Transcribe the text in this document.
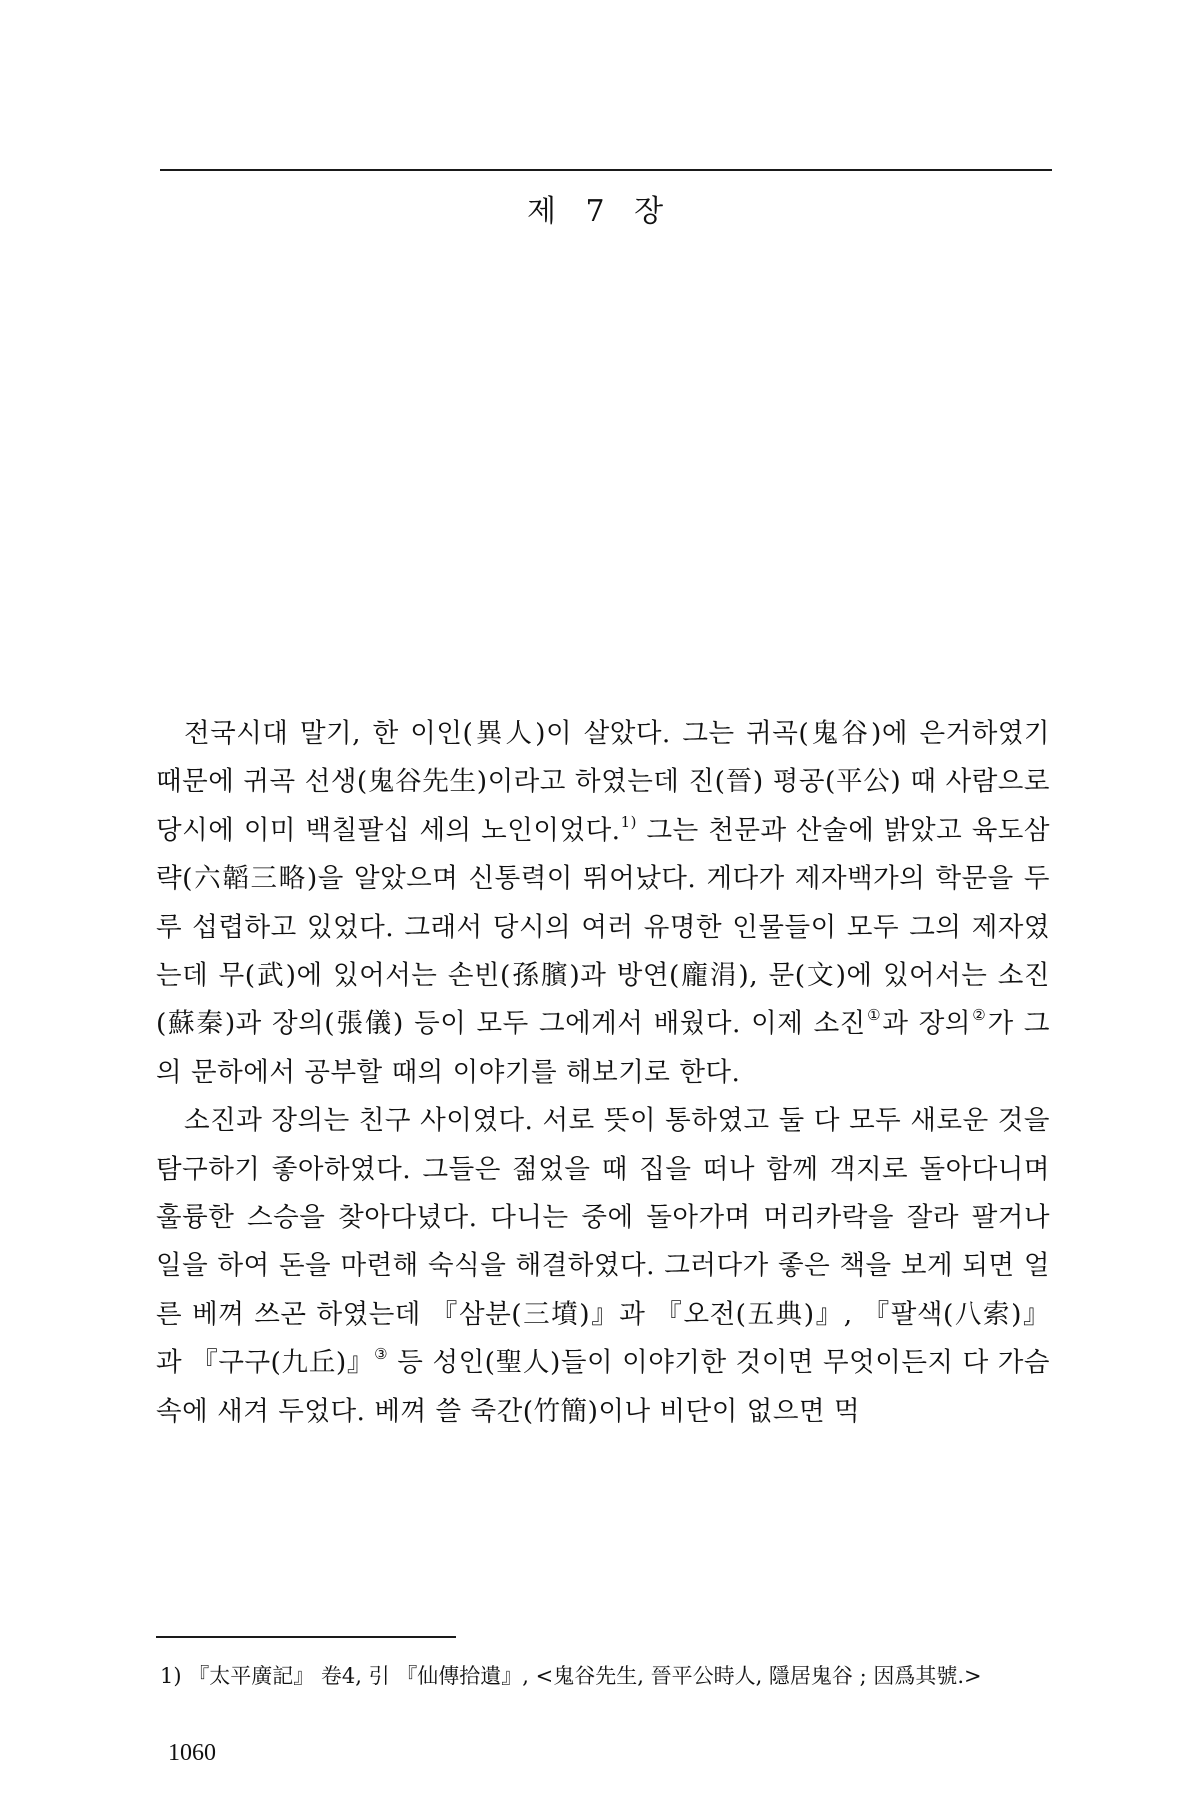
제 7 장

전국시대 말기, 한 이인(異人)이 살았다. 그는 귀곡(鬼谷)에 은거하였기 때문에 귀곡 선생(鬼谷先生)이라고 하였는데 진(晉) 평공(平公) 때 사람으로 당시에 이미 백칠팔십 세의 노인이었다.$^{1)}$ 그는 천문과 산술에 밝았고 육도삼략(六韜三略)을 알았으며 신통력이 뛰어났다. 게다가 제자백가의 학문을 두루 섭렵하고 있었다. 그래서 당시의 여러 유명한 인물들이 모두 그의 제자였는데 무(武)에 있어서는 손빈(孫臏)과 방연(龐涓), 문(文)에 있어서는 소진(蘇秦)과 장의(張儀) 등이 모두 그에게서 배웠다. 이제 소진①과 장의②가 그의 문하에서 공부할 때의 이야기를 해보기로 한다.

소진과 장의는 친구 사이였다. 서로 뜻이 통하였고 둘 다 모두 새로운 것을 탐구하기 좋아하였다. 그들은 젊었을 때 집을 떠나 함께 객지로 돌아다니며 훌륭한 스승을 찾아다녔다. 다니는 중에 돌아가며 머리카락을 잘라 팔거나 일을 하여 돈을 마련해 숙식을 해결하였다. 그러다가 좋은 책을 보게 되면 얼른 베껴 쓰곤 하였는데 『삼분(三墳)』과 『오전(五典)』, 『팔색(八索)』과 『구구(九丘)』③ 등 성인(聖人)들이 이야기한 것이면 무엇이든지 다 가슴속에 새겨 두었다. 베껴 쓸 죽간(竹簡)이나 비단이 없으면 먹

1) 『太平廣記』 卷4, 引 『仙傳拾遺』, <鬼谷先生, 晉平公時人, 隱居鬼谷 ; 因爲其號.>
1060
